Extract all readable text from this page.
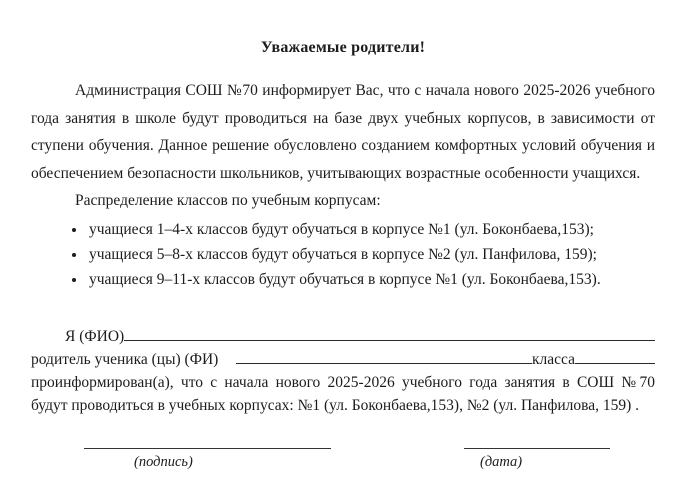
Уважаемые родители!

Администрация СОШ №70 информирует Вас, что с начала нового 2025-2026 учебного года занятия в школе будут проводиться на базе двух учебных корпусов, в зависимости от ступени обучения. Данное решение обусловлено созданием комфортных условий обучения и обеспечением безопасности школьников, учитывающих возрастные особенности учащихся.

Распределение классов по учебным корпусам:

• учащиеся 1–4-х классов будут обучаться в корпусе №1 (ул. Боконбаева,153);
• учащиеся 5–8-х классов будут обучаться в корпусе №2 (ул. Панфилова, 159);
• учащиеся 9–11-х классов будут обучаться в корпусе №1 (ул. Боконбаева,153).
Я (ФИО)
родитель ученика (цы) (ФИ)	класса

проинформирован(а), что с начала нового 2025-2026 учебного года занятия в СОШ №70 будут проводиться в учебных корпусах: №1 (ул. Боконбаева,153), №2 (ул. Панфилова, 159) .

(подпись)	(дата)
